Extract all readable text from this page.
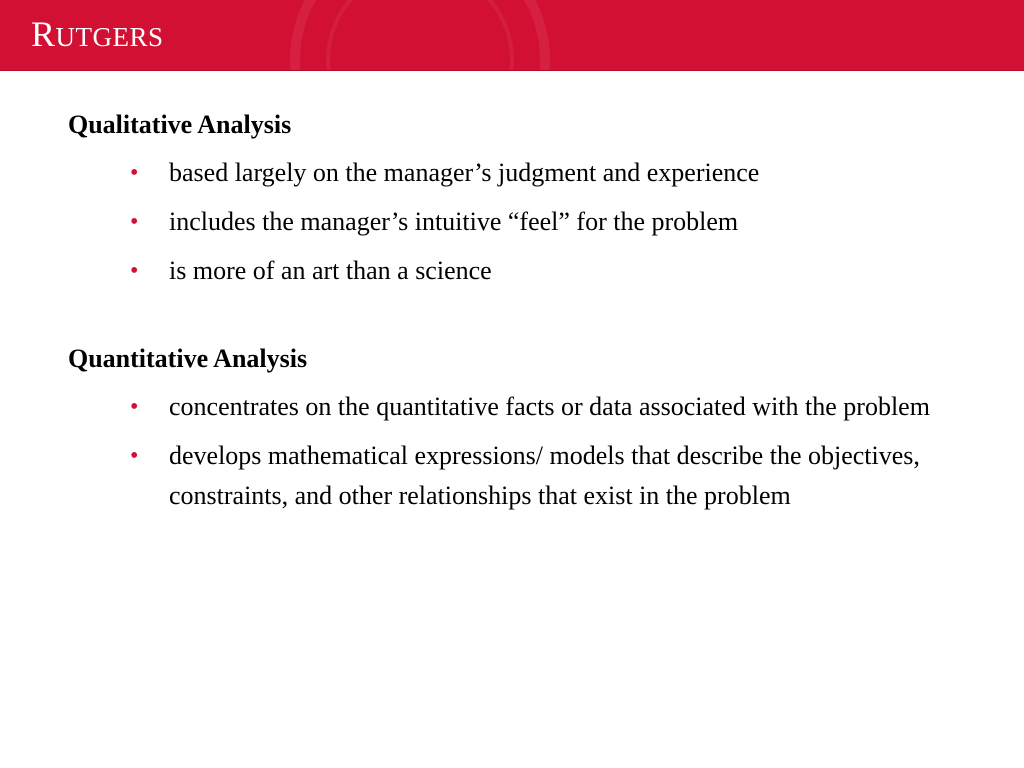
RUTGERS

Qualitative Analysis

• based largely on the manager’s judgment and experience
• includes the manager’s intuitive “feel” for the problem
• is more of an art than a science

Quantitative Analysis

• concentrates on the quantitative facts or data associated with the problem
• develops mathematical expressions/ models that describe the objectives, constraints, and other relationships that exist in the problem
